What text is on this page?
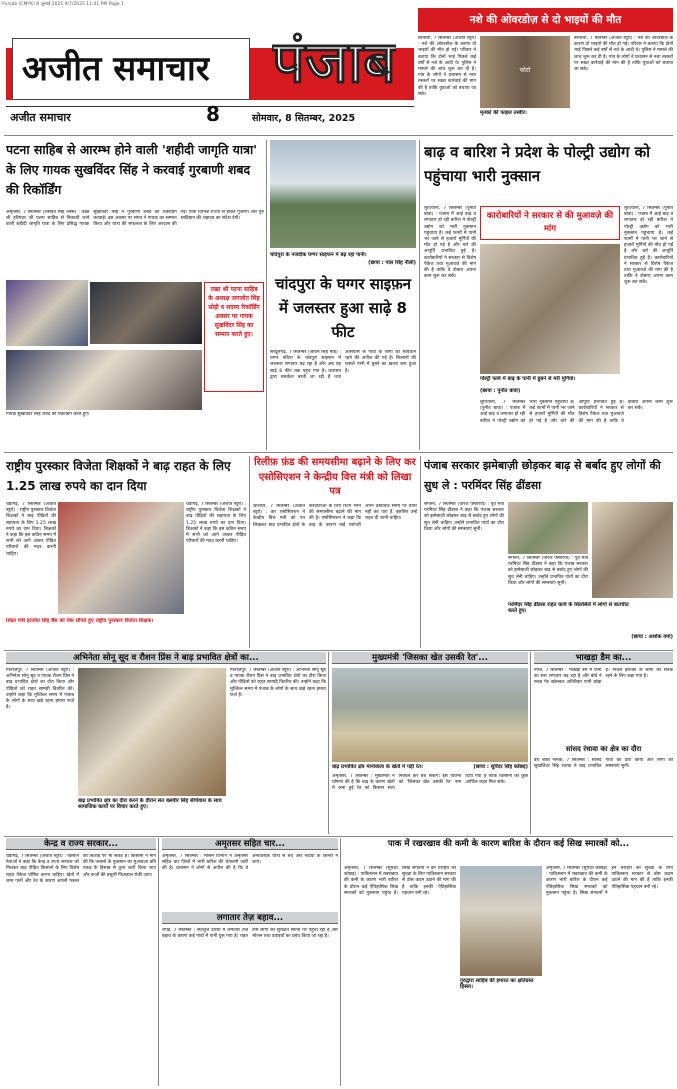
Punjab (CMYK) 8 जुलाई 2025 9/7/2025 11:41 PM Page 1
अजीत समाचार पंजाब
अजीत समाचार	8	सोमवार, 8 सितम्बर, 2025
नशे की ओवरडोज़ से दो भाइयों की मौत
बरनाला, 7 सितम्बर (अजीत ब्यूरो) : नशे की ओवरडोज़ के कारण दो भाइयों की मौत हो गई। परिवार ने बताया कि दोनों भाई पिछले कई वर्षों से नशे के आदी थे। पुलिस ने मामले की जांच शुरू कर दी है। गांव के लोगों ने प्रशासन से नशा तस्करों पर सख्त कार्रवाई की मांग की है ताकि युवाओं को बचाया जा सके।
फोटो
मृतकों की फाइल तस्वीर।
बरनाला, 7 सितम्बर (अजीत ब्यूरो) : नशे की ओवरडोज़ के कारण दो भाइयों की मौत हो गई। परिवार ने बताया कि दोनों भाई पिछले कई वर्षों से नशे के आदी थे। पुलिस ने मामले की जांच शुरू कर दी है। गांव के लोगों ने प्रशासन से नशा तस्करों पर सख्त कार्रवाई की मांग की है ताकि युवाओं को बचाया जा सके।
पटना साहिब से आरम्भ होने वाली 'शहीदी जागृति यात्रा' के लिए गायक सुखविंदर सिंह ने करवाई गुरबाणी शबद की रिकॉर्डिंग
अमृतसर, 7 सितम्बर (जसवंत सिंह जस्स) : तख्त श्री हरिमंदर जी पटना साहिब से निकाली जाने वाली शहीदी जागृति यात्रा के लिए प्रसिद्ध गायक सुखविंदर सिंह ने गुरबाणी शबद की रिकॉर्डिंग करवाई। इस अवसर पर संगत ने गायक का सम्मान किया और यात्रा की सफलता के लिए अरदास की गई। यात्रा विभिन्न राज्यों से होकर गुजरेगी और गुरु साहिबान की शहादत का संदेश देगी।
तख्त श्री पटना साहिब के अध्यक्ष जगजोत सिंह सोही व सदस्य रिकॉर्डिंग अवसर पर गायक सुखविंदर सिंह का सम्मान करते हुए।
गायक सुखविंदर सिंह शबद की रिकॉर्डिंग करते हुए।
चांदपुरा के नजदीक घग्गर साइफन में बढ़ रहा पानी।
(छाया : पाल सिंह नौली)
चांदपुरा के घग्गर साइफ़न में जलस्तर हुआ साढ़े 8 फीट
सरदूलगढ़, 7 सितम्बर (जीवन सिंह मौड़) : घग्गर नदिया के चांदपुरा साइफन में जलस्तर लगातार बढ़ रहा है और अब यह साढ़े 8 फीट तक पहुंच गया है। प्रशासन द्वारा सतर्कता बरती जा रही है तथा आसपास के गांवों के लोगों को सावधान रहने की अपील की गई है। किसानों की फसलें पानी में डूबने का खतरा बना हुआ है।
बाढ़ व बारिश ने प्रदेश के पोल्ट्री उद्योग को पहुंचाया भारी नुक्सान
लुधियाना, 7 सितम्बर (पुनीत बावा) : पंजाब में आई बाढ़ व लगातार हो रही बारिश ने पोल्ट्री उद्योग को भारी नुकसान पहुंचाया है। कई फार्मों में पानी भर जाने से हजारों मुर्गियों की मौत हो गई है और चारे की आपूर्ति प्रभावित हुई है। कारोबारियों ने सरकार से विशेष पैकेज तथा मुआवज़े की मांग की है ताकि वे दोबारा अपना काम शुरू कर सकें।
कारोबारियों ने सरकार से की मुआवज़े की मांग
लुधियाना, 7 सितम्बर (पुनीत बावा) : पंजाब में आई बाढ़ व लगातार हो रही बारिश ने पोल्ट्री उद्योग को भारी नुकसान पहुंचाया है। कई फार्मों में पानी भर जाने से हजारों मुर्गियों की मौत हो गई है और चारे की आपूर्ति प्रभावित हुई है। कारोबारियों ने सरकार से विशेष पैकेज तथा मुआवज़े की मांग की है ताकि वे दोबारा अपना काम शुरू कर सकें।
पोल्ट्री फार्म में बाढ़ के पानी में डूबने से मरी मुर्गियां।
(छाया : पुनीत बावा)
लुधियाना, 7 सितम्बर (पुनीत बावा) : पंजाब में आई बाढ़ व लगातार हो रही बारिश ने पोल्ट्री उद्योग को भारी नुकसान पहुंचाया है। कई फार्मों में पानी भर जाने से हजारों मुर्गियों की मौत हो गई है और चारे की आपूर्ति प्रभावित हुई है। कारोबारियों ने सरकार से विशेष पैकेज तथा मुआवज़े की मांग की है ताकि वे दोबारा अपना काम शुरू कर सकें।
राष्ट्रीय पुरस्कार विजेता शिक्षकों ने बाढ़ राहत के लिए 1.25 लाख रुपये का दान दिया
चंडीगढ़, 7 सितम्बर (अजीत ब्यूरो) : राष्ट्रीय पुरस्कार विजेता शिक्षकों ने बाढ़ पीड़ितों की सहायता के लिए 1.25 लाख रुपये का दान दिया। शिक्षकों ने कहा कि इस कठिन समय में सभी को आगे आकर पीड़ित परिवारों की मदद करनी चाहिए।
चंडीगढ़, 7 सितम्बर (अजीत ब्यूरो) : राष्ट्रीय पुरस्कार विजेता शिक्षकों ने बाढ़ पीड़ितों की सहायता के लिए 1.25 लाख रुपये का दान दिया। शिक्षकों ने कहा कि इस कठिन समय में सभी को आगे आकर पीड़ित परिवारों की मदद करनी चाहिए।
शिक्षा मंत्री हरजोत सिंह बैंस को चेक सौंपते हुए राष्ट्रीय पुरस्कार विजेता शिक्षक।
रिलीफ़ फ़ंड की समयसीमा बढ़ाने के लिए कर एसोसिएशन ने केन्द्रीय वित्त मंत्री को लिखा पत्र
जालंधर, 7 सितम्बर (अजीत ब्यूरो) : कर एसोसिएशन ने केन्द्रीय वित्त मंत्री को पत्र लिखकर बाढ़ प्रभावित क्षेत्रों के करदाताओं के लिए रिटर्न भरने की समयसीमा बढ़ाने की मांग की है। एसोसिएशन ने कहा कि बाढ़ के कारण कई व्यापारी अपने दस्तावेज़ समय पर तैयार नहीं कर पाए हैं, इसलिए उन्हें राहत दी जानी चाहिए।
पंजाब सरकार झमेबाज़ी छोड़कर बाढ़ से बर्बाद हुए लोगों की सुध ले : परमिंदर सिंह ढींडसा
संगरूर, 7 सितम्बर (धीरज पसोरिया) : पूर्व मंत्री परमिंदर सिंह ढींडसा ने कहा कि पंजाब सरकार को झमेबाज़ी छोड़कर बाढ़ से बर्बाद हुए लोगों की सुध लेनी चाहिए। उन्होंने प्रभावित गांवों का दौरा किया और लोगों की समस्याएं सुनीं।
संगरूर, 7 सितम्बर (धीरज पसोरिया) : पूर्व मंत्री परमिंदर सिंह ढींडसा ने कहा कि पंजाब सरकार को झमेबाज़ी छोड़कर बाढ़ से बर्बाद हुए लोगों की सुध लेनी चाहिए। उन्होंने प्रभावित गांवों का दौरा किया और लोगों की समस्याएं सुनीं।
परमिंदर सिंह ढींडसा राहत कार्य के सिलसिले में लोगों से बातचीत करते हुए।
(छाया : अशोक वर्मा)
अभिनेता सोनू सूद व रौशन प्रिंस ने बाढ़ प्रभावित क्षेत्रों का...
फिरोज़पुर, 7 सितम्बर (अजीत ब्यूरो) : अभिनेता सोनू सूद व गायक रौशन प्रिंस ने बाढ़ प्रभावित क्षेत्रों का दौरा किया और पीड़ितों को राहत सामग्री वितरित की। उन्होंने कहा कि मुश्किल समय में पंजाब के लोगों के साथ खड़े रहना हमारा फर्ज़ है।
बाढ़ प्रभावित क्षेत्र का दौरा करने के दौरान संत बलवीर सिंह सीचेवाल के साथ सामाजिक कार्यों पर विचार करते हुए।
फिरोज़पुर, 7 सितम्बर (अजीत ब्यूरो) : अभिनेता सोनू सूद व गायक रौशन प्रिंस ने बाढ़ प्रभावित क्षेत्रों का दौरा किया और पीड़ितों को राहत सामग्री वितरित की। उन्होंने कहा कि मुश्किल समय में पंजाब के लोगों के साथ खड़े रहना हमारा फर्ज़ है।
मुख्यमंत्री 'जिसका खेत उसकी रेत'...
बाढ़ प्रभावित क्षेत्र मानांवाला के खेतों में पड़ी रेत।	(छाया : सुरिंदर सिंह कोछड़)
अमृतसर, 7 सितम्बर : मुख्यमंत्री ने घोषणा की है कि बाढ़ के कारण खेतों में जमा हुई रेत को किसान स्वयं निकाल कर बेच सकेंगे। इस योजना को 'जिसका खेत उसकी रेत' नाम दिया गया है ताकि किसानों को कुछ आर्थिक राहत मिल सके।
भाखड़ा डैम का...
नंगल, 7 सितम्बर : भाखड़ा डैम में पानी का स्तर लगातार बढ़ रहा है और बोर्ड ने फ्लड गेट खोलकर अतिरिक्त पानी छोड़ा है। निचले इलाकों के लोगों को सतर्क रहने के लिए कहा गया है।
सांसद रंधावा का क्षेत्र का दौरा
डेरा बाबा नानक, 7 सितम्बर : सांसद सुखजिंदर सिंह रंधावा ने बाढ़ प्रभावित गांवों का दौरा किया और लोगों की समस्याएं सुनीं।
केन्द्र व राज्य सरकार...
चंडीगढ़, 7 सितम्बर (अजीत ब्यूरो) : किसान नेताओं ने कहा कि केन्द्र व राज्य सरकार को मिलकर बाढ़ पीड़ित किसानों के लिए विशेष राहत पैकेज घोषित करना चाहिए। खेतों में जमा पानी और रेत के कारण अगली फसल की बिजाई पर भी संकट है। किसानों ने मांग की कि फसलों के नुकसान का मुआवज़ा प्रति एकड़ के हिसाब से तुरंत जारी किया जाए और कर्ज़ों की वसूली फिलहाल रोकी जाए।
अमृतसर सहित चार...
अमृतसर, 7 सितम्बर : मौसम विभाग ने अमृतसर सहित चार ज़िलों में भारी बारिश की चेतावनी जारी की है। प्रशासन ने लोगों से अपील की है कि वे अनावश्यक यात्रा से बचें और नदियों के किनारे न जाएं।
लगातार तेज़ बहाव...
रोपड़, 7 सितम्बर : सतलुज दरिया में लगातार तेज़ बहाव के कारण कई गांवों में पानी घुस गया है। राहत टीमें लोगों को सुरक्षित स्थानों पर पहुंचा रही हैं और भोजन तथा दवाइयों का प्रबंध किया जा रहा है।
पाक में रखरखाव की कमी के कारण बारिश के दौरान कई सिख स्मारकों को...
अमृतसर, 7 सितम्बर (सुरिंदर कोछड़) : पाकिस्तान में रखरखाव की कमी के कारण भारी बारिश के दौरान कई ऐतिहासिक सिख स्मारकों को नुकसान पहुंचा है। सिख संगठनों ने इन धरोहरों की सुरक्षा के लिए पाकिस्तान सरकार से ठोस कदम उठाने की मांग की है ताकि इनकी ऐतिहासिक पहचान बनी रहे।
गुरुद्वारा साहिब की इमारत का क्षतिग्रस्त हिस्सा।
अमृतसर, 7 सितम्बर (सुरिंदर कोछड़) : पाकिस्तान में रखरखाव की कमी के कारण भारी बारिश के दौरान कई ऐतिहासिक सिख स्मारकों को नुकसान पहुंचा है। सिख संगठनों ने इन धरोहरों की सुरक्षा के लिए पाकिस्तान सरकार से ठोस कदम उठाने की मांग की है ताकि इनकी ऐतिहासिक पहचान बनी रहे।
